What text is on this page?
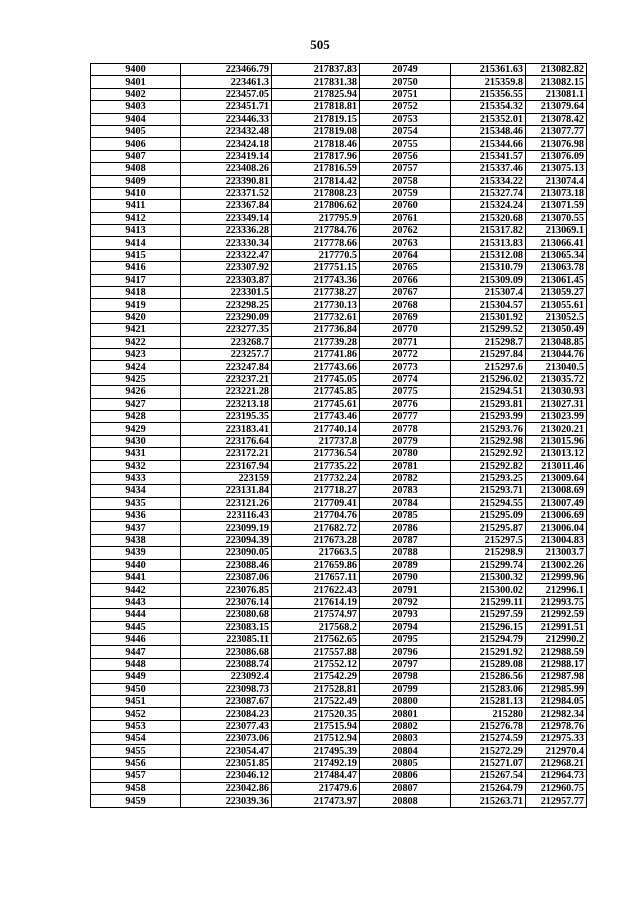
505
9400	223466.79	217837.83	20749	215361.63	213082.82
9401	223461.3	217831.38	20750	215359.8	213082.15
9402	223457.05	217825.94	20751	215356.55	213081.1
9403	223451.71	217818.81	20752	215354.32	213079.64
9404	223446.33	217819.15	20753	215352.01	213078.42
9405	223432.48	217819.08	20754	215348.46	213077.77
9406	223424.18	217818.46	20755	215344.66	213076.98
9407	223419.14	217817.96	20756	215341.57	213076.09
9408	223408.26	217816.59	20757	215337.46	213075.13
9409	223390.81	217814.42	20758	215334.22	213074.4
9410	223371.52	217808.23	20759	215327.74	213073.18
9411	223367.84	217806.62	20760	215324.24	213071.59
9412	223349.14	217795.9	20761	215320.68	213070.55
9413	223336.28	217784.76	20762	215317.82	213069.1
9414	223330.34	217778.66	20763	215313.83	213066.41
9415	223322.47	217770.5	20764	215312.08	213065.34
9416	223307.92	217751.15	20765	215310.79	213063.78
9417	223303.87	217743.36	20766	215309.09	213061.45
9418	223301.5	217738.27	20767	215307.4	213059.27
9419	223298.25	217730.13	20768	215304.57	213055.61
9420	223290.09	217732.61	20769	215301.92	213052.5
9421	223277.35	217736.84	20770	215299.52	213050.49
9422	223268.7	217739.28	20771	215298.7	213048.85
9423	223257.7	217741.86	20772	215297.84	213044.76
9424	223247.84	217743.66	20773	215297.6	213040.5
9425	223237.21	217745.05	20774	215296.02	213035.72
9426	223221.28	217745.85	20775	215294.51	213030.93
9427	223213.18	217745.61	20776	215293.81	213027.31
9428	223195.35	217743.46	20777	215293.99	213023.99
9429	223183.41	217740.14	20778	215293.76	213020.21
9430	223176.64	217737.8	20779	215292.98	213015.96
9431	223172.21	217736.54	20780	215292.92	213013.12
9432	223167.94	217735.22	20781	215292.82	213011.46
9433	223159	217732.24	20782	215293.25	213009.64
9434	223131.84	217718.27	20783	215293.71	213008.69
9435	223121.26	217709.41	20784	215294.55	213007.49
9436	223116.43	217704.76	20785	215295.09	213006.69
9437	223099.19	217682.72	20786	215295.87	213006.04
9438	223094.39	217673.28	20787	215297.5	213004.83
9439	223090.05	217663.5	20788	215298.9	213003.7
9440	223088.46	217659.86	20789	215299.74	213002.26
9441	223087.06	217657.11	20790	215300.32	212999.96
9442	223076.85	217622.43	20791	215300.02	212996.1
9443	223076.14	217614.19	20792	215299.11	212993.75
9444	223080.68	217574.97	20793	215297.59	212992.59
9445	223083.15	217568.2	20794	215296.15	212991.51
9446	223085.11	217562.65	20795	215294.79	212990.2
9447	223086.68	217557.88	20796	215291.92	212988.59
9448	223088.74	217552.12	20797	215289.08	212988.17
9449	223092.4	217542.29	20798	215286.56	212987.98
9450	223098.73	217528.81	20799	215283.06	212985.99
9451	223087.67	217522.49	20800	215281.13	212984.05
9452	223084.23	217520.35	20801	215280	212982.34
9453	223077.43	217515.94	20802	215276.78	212978.76
9454	223073.06	217512.94	20803	215274.59	212975.33
9455	223054.47	217495.39	20804	215272.29	212970.4
9456	223051.85	217492.19	20805	215271.07	212968.21
9457	223046.12	217484.47	20806	215267.54	212964.73
9458	223042.86	217479.6	20807	215264.79	212960.75
9459	223039.36	217473.97	20808	215263.71	212957.77
